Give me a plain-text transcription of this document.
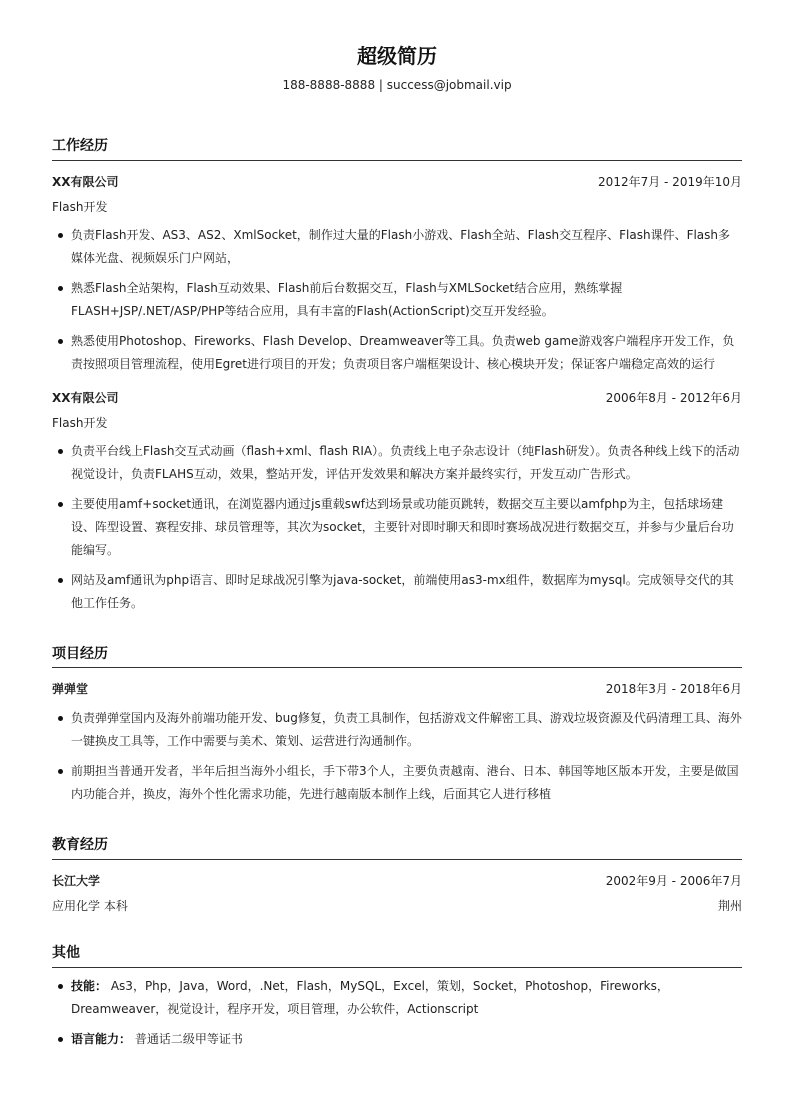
超级简历
188-8888-8888 | success@jobmail.vip
工作经历
XX有限公司	2012年7月 - 2019年10月
Flash开发
负责Flash开发、AS3、AS2、XmlSocket，制作过大量的Flash小游戏、Flash全站、Flash交互程序、Flash课件、Flash多媒体光盘、视频娱乐门户网站，
熟悉Flash全站架构，Flash互动效果、Flash前后台数据交互，Flash与XMLSocket结合应用，熟练掌握FLASH+JSP/.NET/ASP/PHP等结合应用，具有丰富的Flash(ActionScript)交互开发经验。
熟悉使用Photoshop、Fireworks、Flash Develop、Dreamweaver等工具。负责web game游戏客户端程序开发工作，负责按照项目管理流程，使用Egret进行项目的开发；负责项目客户端框架设计、核心模块开发；保证客户端稳定高效的运行
XX有限公司	2006年8月 - 2012年6月
Flash开发
负责平台线上Flash交互式动画（flash+xml、flash RIA）。负责线上电子杂志设计（纯Flash研发）。负责各种线上线下的活动视觉设计，负责FLAHS互动，效果，整站开发，评估开发效果和解决方案并最终实行，开发互动广告形式。
主要使用amf+socket通讯，在浏览器内通过js重载swf达到场景或功能页跳转，数据交互主要以amfphp为主，包括球场建设、阵型设置、赛程安排、球员管理等，其次为socket，主要针对即时聊天和即时赛场战况进行数据交互，并参与少量后台功能编写。
网站及amf通讯为php语言、即时足球战况引擎为java-socket，前端使用as3-mx组件，数据库为mysql。完成领导交代的其他工作任务。
项目经历
弹弹堂	2018年3月 - 2018年6月
负责弹弹堂国内及海外前端功能开发、bug修复，负责工具制作，包括游戏文件解密工具、游戏垃圾资源及代码清理工具、海外一键换皮工具等，工作中需要与美术、策划、运营进行沟通制作。
前期担当普通开发者，半年后担当海外小组长，手下带3个人，主要负责越南、港台、日本、韩国等地区版本开发，主要是做国内功能合并，换皮，海外个性化需求功能，先进行越南版本制作上线，后面其它人进行移植
教育经历
长江大学	2002年9月 - 2006年7月
应用化学 本科	荆州
其他
技能： As3，Php，Java，Word，.Net，Flash，MySQL，Excel，策划，Socket，Photoshop，Fireworks，Dreamweaver，视觉设计，程序开发，项目管理，办公软件，Actionscript
语言能力： 普通话二级甲等证书
